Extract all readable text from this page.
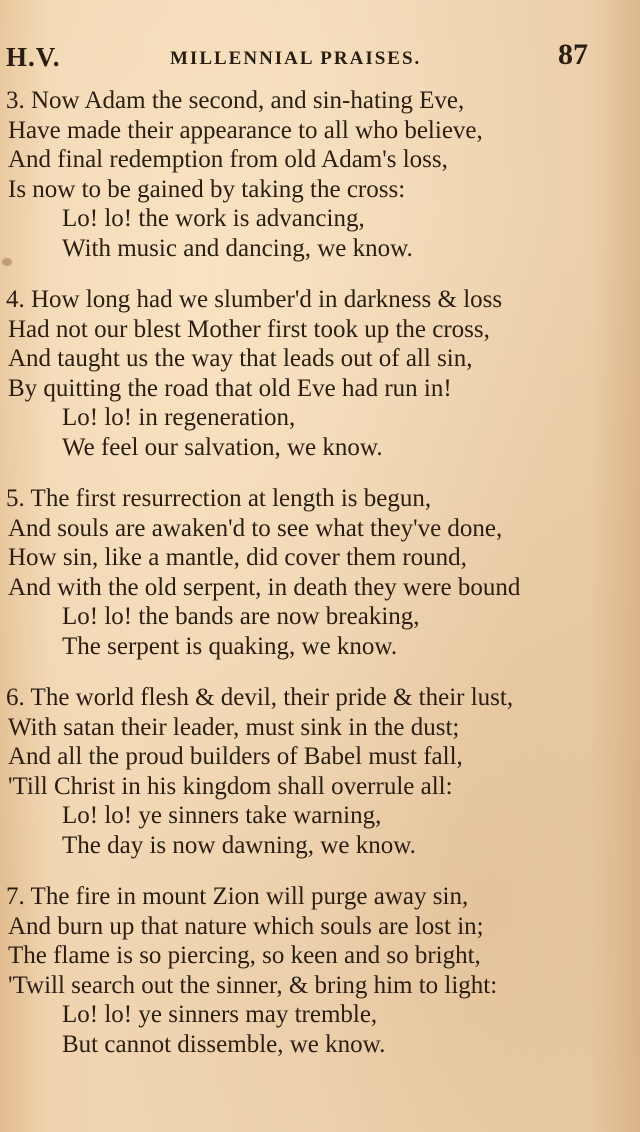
H.V.	MILLENNIAL PRAISES.	87
3. Now Adam the second, and sin-hating Eve,
Have made their appearance to all who believe,
And final redemption from old Adam's loss,
Is now to be gained by taking the cross:
Lo! lo! the work is advancing,
With music and dancing, we know.
4. How long had we slumber'd in darkness & loss
Had not our blest Mother first took up the cross,
And taught us the way that leads out of all sin,
By quitting the road that old Eve had run in!
Lo! lo! in regeneration,
We feel our salvation, we know.
5. The first resurrection at length is begun,
And souls are awaken'd to see what they've done,
How sin, like a mantle, did cover them round,
And with the old serpent, in death they were bound
Lo! lo! the bands are now breaking,
The serpent is quaking, we know.
6. The world flesh & devil, their pride & their lust,
With satan their leader, must sink in the dust;
And all the proud builders of Babel must fall,
'Till Christ in his kingdom shall overrule all:
Lo! lo! ye sinners take warning,
The day is now dawning, we know.
7. The fire in mount Zion will purge away sin,
And burn up that nature which souls are lost in;
The flame is so piercing, so keen and so bright,
'Twill search out the sinner, & bring him to light:
Lo! lo! ye sinners may tremble,
But cannot dissemble, we know.
